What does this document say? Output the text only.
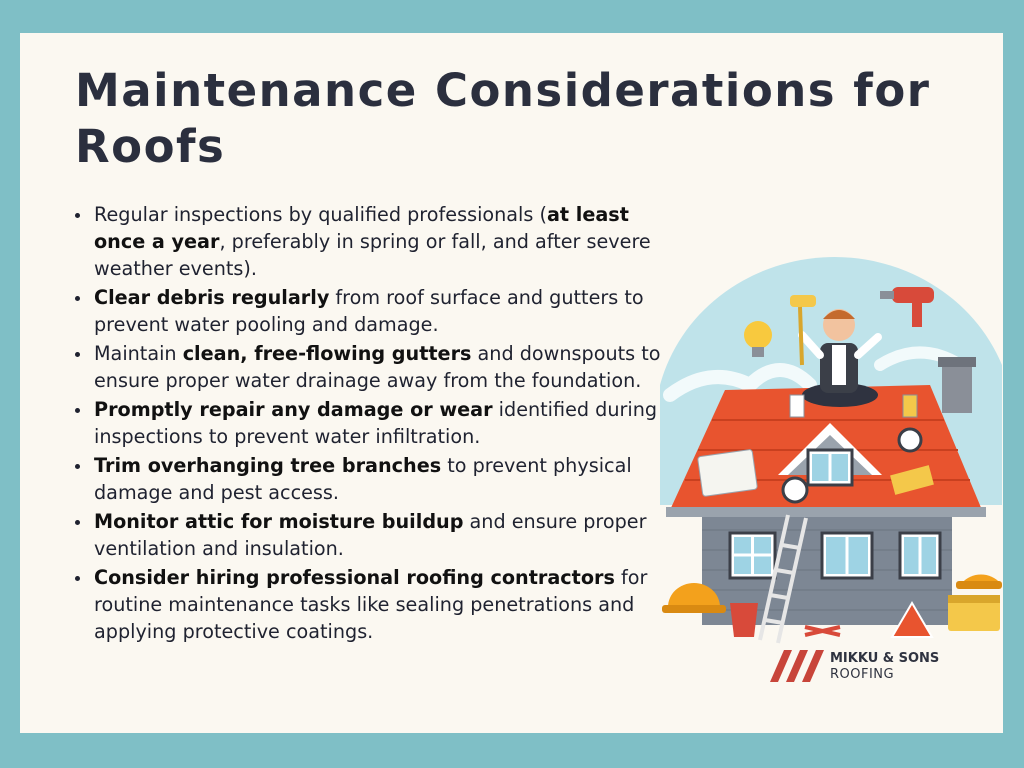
Maintenance Considerations for Roofs
• Regular inspections by qualified professionals (at least once a year, preferably in spring or fall, and after severe weather events).
• Clear debris regularly from roof surface and gutters to prevent water pooling and damage.
• Maintain clean, free-flowing gutters and downspouts to ensure proper water drainage away from the foundation.
• Promptly repair any damage or wear identified during inspections to prevent water infiltration.
• Trim overhanging tree branches to prevent physical damage and pest access.
• Monitor attic for moisture buildup and ensure proper ventilation and insulation.
• Consider hiring professional roofing contractors for routine maintenance tasks like sealing penetrations and applying protective coatings.
MIKKU & SONS
ROOFING
